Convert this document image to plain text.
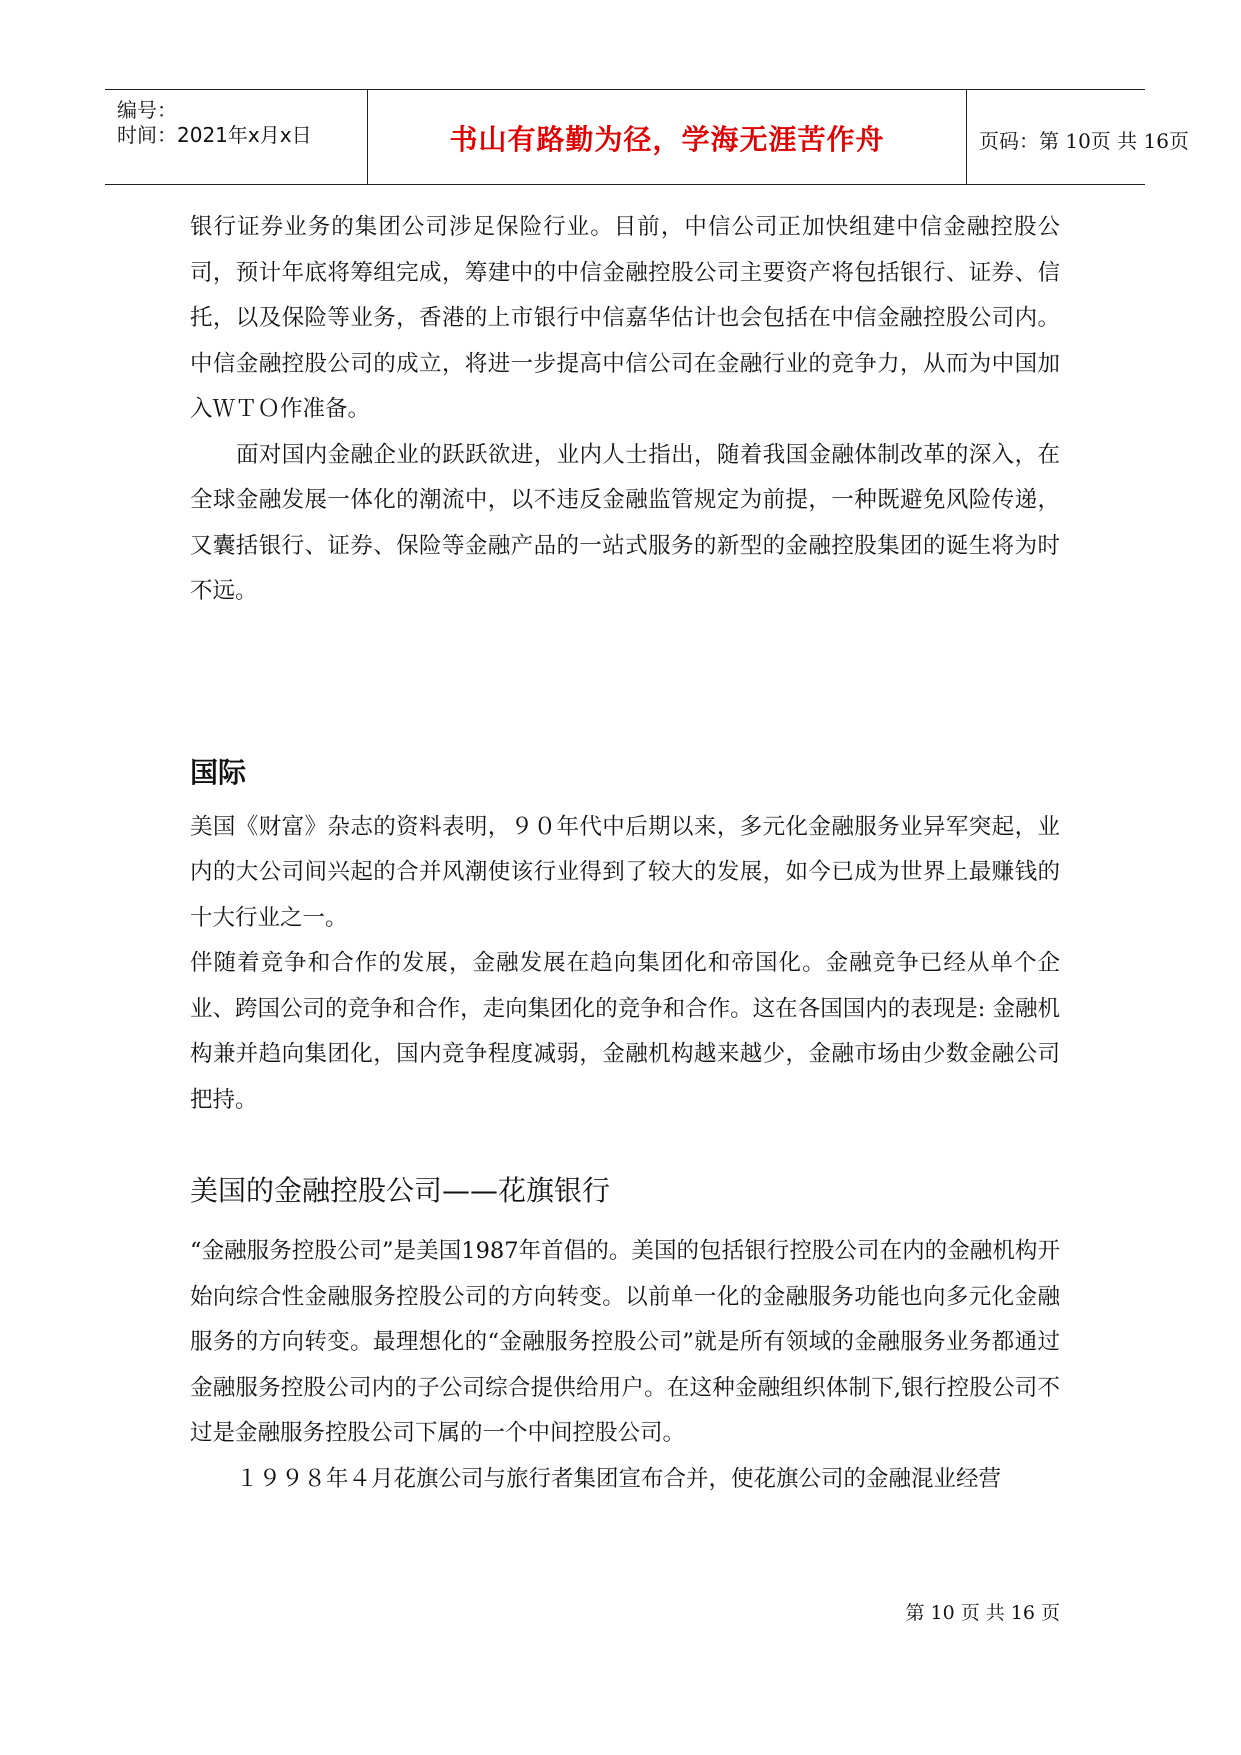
编号：
时间：2021年x月x日	书山有路勤为径，学海无涯苦作舟	页码：第 10页 共 16页

银行证券业务的集团公司涉足保险行业。目前，中信公司正加快组建中信金融控股公司，预计年底将筹组完成，筹建中的中信金融控股公司主要资产将包括银行、证券、信托，以及保险等业务，香港的上市银行中信嘉华估计也会包括在中信金融控股公司内。中信金融控股公司的成立，将进一步提高中信公司在金融行业的竞争力，从而为中国加入ＷＴＯ作准备。

面对国内金融企业的跃跃欲进，业内人士指出，随着我国金融体制改革的深入，在全球金融发展一体化的潮流中，以不违反金融监管规定为前提，一种既避免风险传递，又囊括银行、证券、保险等金融产品的一站式服务的新型的金融控股集团的诞生将为时不远。

国际

美国《财富》杂志的资料表明，９０年代中后期以来，多元化金融服务业异军突起，业内的大公司间兴起的合并风潮使该行业得到了较大的发展，如今已成为世界上最赚钱的十大行业之一。

伴随着竞争和合作的发展，金融发展在趋向集团化和帝国化。金融竞争已经从单个企业、跨国公司的竞争和合作，走向集团化的竞争和合作。这在各国国内的表现是: 金融机构兼并趋向集团化，国内竞争程度减弱，金融机构越来越少，金融市场由少数金融公司把持。

美国的金融控股公司——花旗银行

“金融服务控股公司”是美国1987年首倡的。美国的包括银行控股公司在内的金融机构开始向综合性金融服务控股公司的方向转变。以前单一化的金融服务功能也向多元化金融服务的方向转变。最理想化的“金融服务控股公司”就是所有领域的金融服务业务都通过金融服务控股公司内的子公司综合提供给用户。在这种金融组织体制下,银行控股公司不过是金融服务控股公司下属的一个中间控股公司。

１９９８年４月花旗公司与旅行者集团宣布合并，使花旗公司的金融混业经营

第 10 页 共 16 页
